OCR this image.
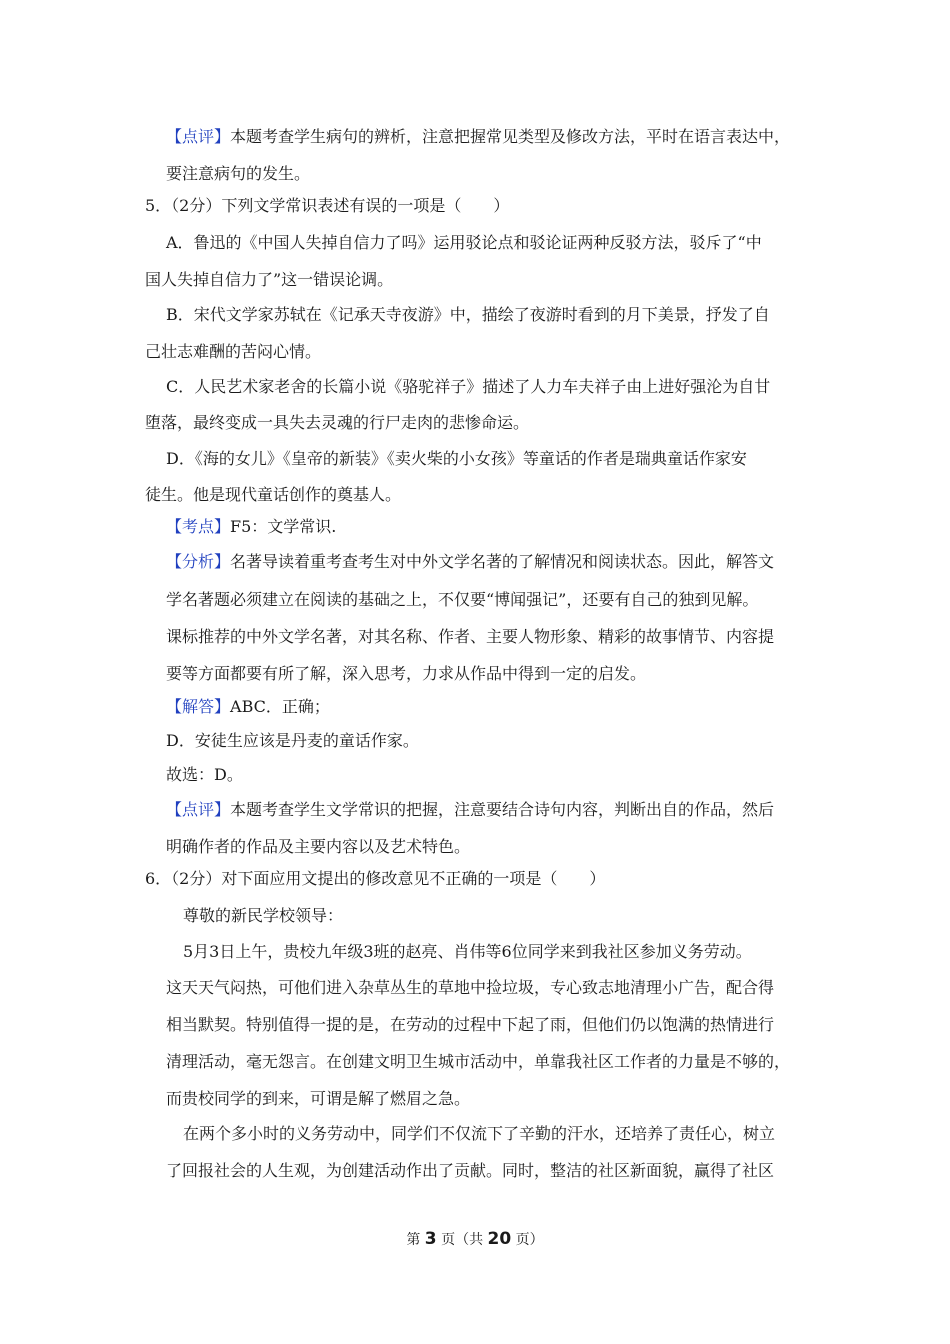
【点评】本题考查学生病句的辨析，注意把握常见类型及修改方法，平时在语言表达中，
要注意病句的发生。
5．（2分）下列文学常识表述有误的一项是（　　）
A．鲁迅的《中国人失掉自信力了吗》运用驳论点和驳论证两种反驳方法，驳斥了“中
国人失掉自信力了”这一错误论调。
B．宋代文学家苏轼在《记承天寺夜游》中，描绘了夜游时看到的月下美景，抒发了自
己壮志难酬的苦闷心情。
C．人民艺术家老舍的长篇小说《骆驼祥子》描述了人力车夫祥子由上进好强沦为自甘
堕落，最终变成一具失去灵魂的行尸走肉的悲惨命运。
D．《海的女儿》《皇帝的新装》《卖火柴的小女孩》等童话的作者是瑞典童话作家安
徒生。他是现代童话创作的奠基人。
【考点】F5：文学常识.
【分析】名著导读着重考查考生对中外文学名著的了解情况和阅读状态。因此，解答文
学名著题必须建立在阅读的基础之上，不仅要“博闻强记”，还要有自己的独到见解。
课标推荐的中外文学名著，对其名称、作者、主要人物形象、精彩的故事情节、内容提
要等方面都要有所了解，深入思考，力求从作品中得到一定的启发。
【解答】ABC．正确；
D．安徒生应该是丹麦的童话作家。
故选：D。
【点评】本题考查学生文学常识的把握，注意要结合诗句内容，判断出自的作品，然后
明确作者的作品及主要内容以及艺术特色。
6．（2分）对下面应用文提出的修改意见不正确的一项是（　　）
尊敬的新民学校领导：
5月3日上午，贵校九年级3班的赵亮、肖伟等6位同学来到我社区参加义务劳动。
这天天气闷热，可他们进入杂草丛生的草地中捡垃圾，专心致志地清理小广告，配合得
相当默契。特别值得一提的是，在劳动的过程中下起了雨，但他们仍以饱满的热情进行
清理活动，毫无怨言。在创建文明卫生城市活动中，单靠我社区工作者的力量是不够的，
而贵校同学的到来，可谓是解了燃眉之急。
在两个多小时的义务劳动中，同学们不仅流下了辛勤的汗水，还培养了责任心，树立
了回报社会的人生观，为创建活动作出了贡献。同时，整洁的社区新面貌，赢得了社区
第 3 页（共 20 页）
